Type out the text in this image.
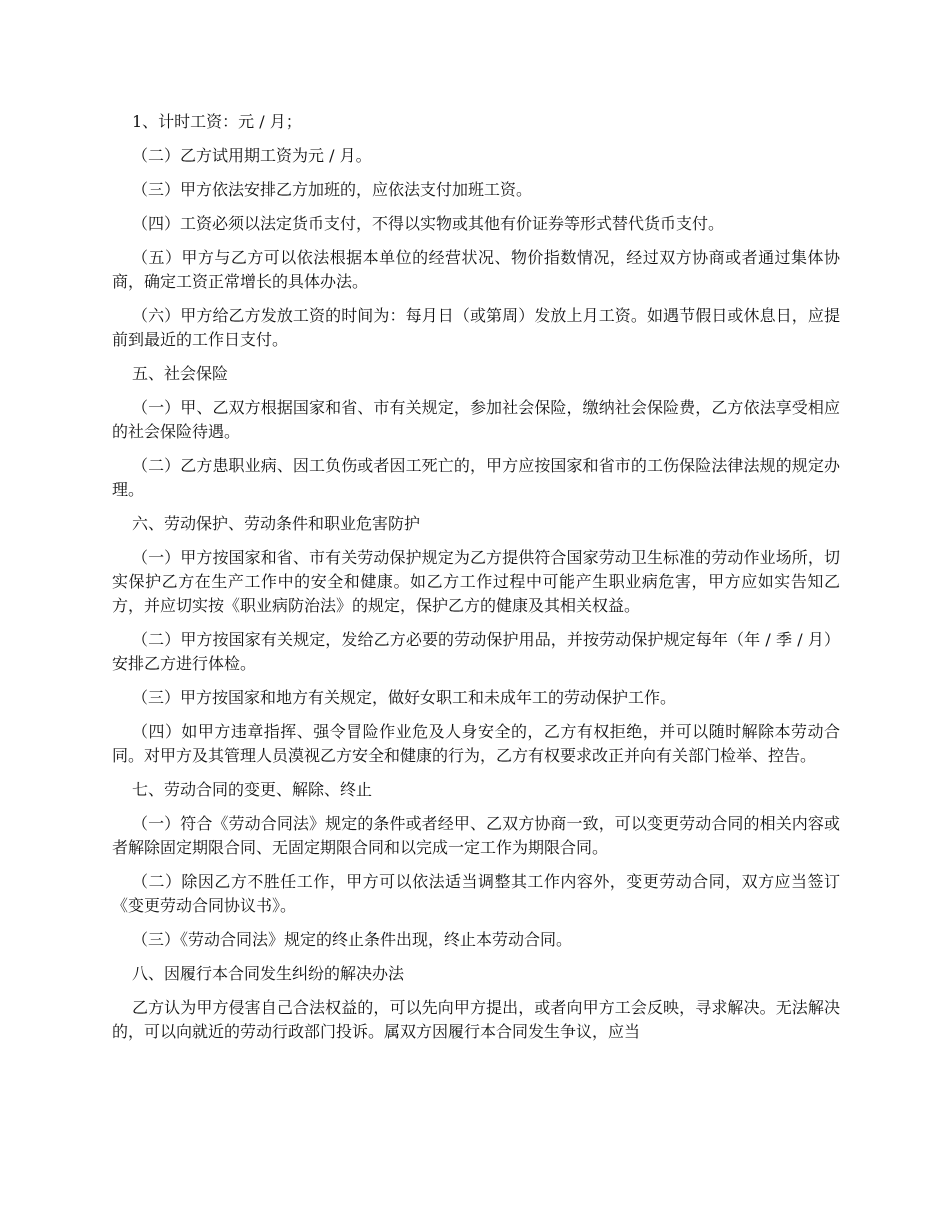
1、计时工资：元 / 月；

（二）乙方试用期工资为元 / 月。

（三）甲方依法安排乙方加班的，应依法支付加班工资。

（四）工资必须以法定货币支付，不得以实物或其他有价证券等形式替代货币支付。

（五）甲方与乙方可以依法根据本单位的经营状况、物价指数情况，经过双方协商或者通过集体协商，确定工资正常增长的具体办法。

（六）甲方给乙方发放工资的时间为：每月日（或第周）发放上月工资。如遇节假日或休息日，应提前到最近的工作日支付。

五、社会保险

（一）甲、乙双方根据国家和省、市有关规定，参加社会保险，缴纳社会保险费，乙方依法享受相应的社会保险待遇。

（二）乙方患职业病、因工负伤或者因工死亡的，甲方应按国家和省市的工伤保险法律法规的规定办理。

六、劳动保护、劳动条件和职业危害防护

（一）甲方按国家和省、市有关劳动保护规定为乙方提供符合国家劳动卫生标准的劳动作业场所，切实保护乙方在生产工作中的安全和健康。如乙方工作过程中可能产生职业病危害，甲方应如实告知乙方，并应切实按《职业病防治法》的规定，保护乙方的健康及其相关权益。

（二）甲方按国家有关规定，发给乙方必要的劳动保护用品，并按劳动保护规定每年（年 / 季 / 月）安排乙方进行体检。

（三）甲方按国家和地方有关规定，做好女职工和未成年工的劳动保护工作。

（四）如甲方违章指挥、强令冒险作业危及人身安全的，乙方有权拒绝，并可以随时解除本劳动合同。对甲方及其管理人员漠视乙方安全和健康的行为，乙方有权要求改正并向有关部门检举、控告。

七、劳动合同的变更、解除、终止

（一）符合《劳动合同法》规定的条件或者经甲、乙双方协商一致，可以变更劳动合同的相关内容或者解除固定期限合同、无固定期限合同和以完成一定工作为期限合同。

（二）除因乙方不胜任工作，甲方可以依法适当调整其工作内容外，变更劳动合同，双方应当签订《变更劳动合同协议书》。

（三）《劳动合同法》规定的终止条件出现，终止本劳动合同。

八、因履行本合同发生纠纷的解决办法

乙方认为甲方侵害自己合法权益的，可以先向甲方提出，或者向甲方工会反映，寻求解决。无法解决的，可以向就近的劳动行政部门投诉。属双方因履行本合同发生争议，应当
